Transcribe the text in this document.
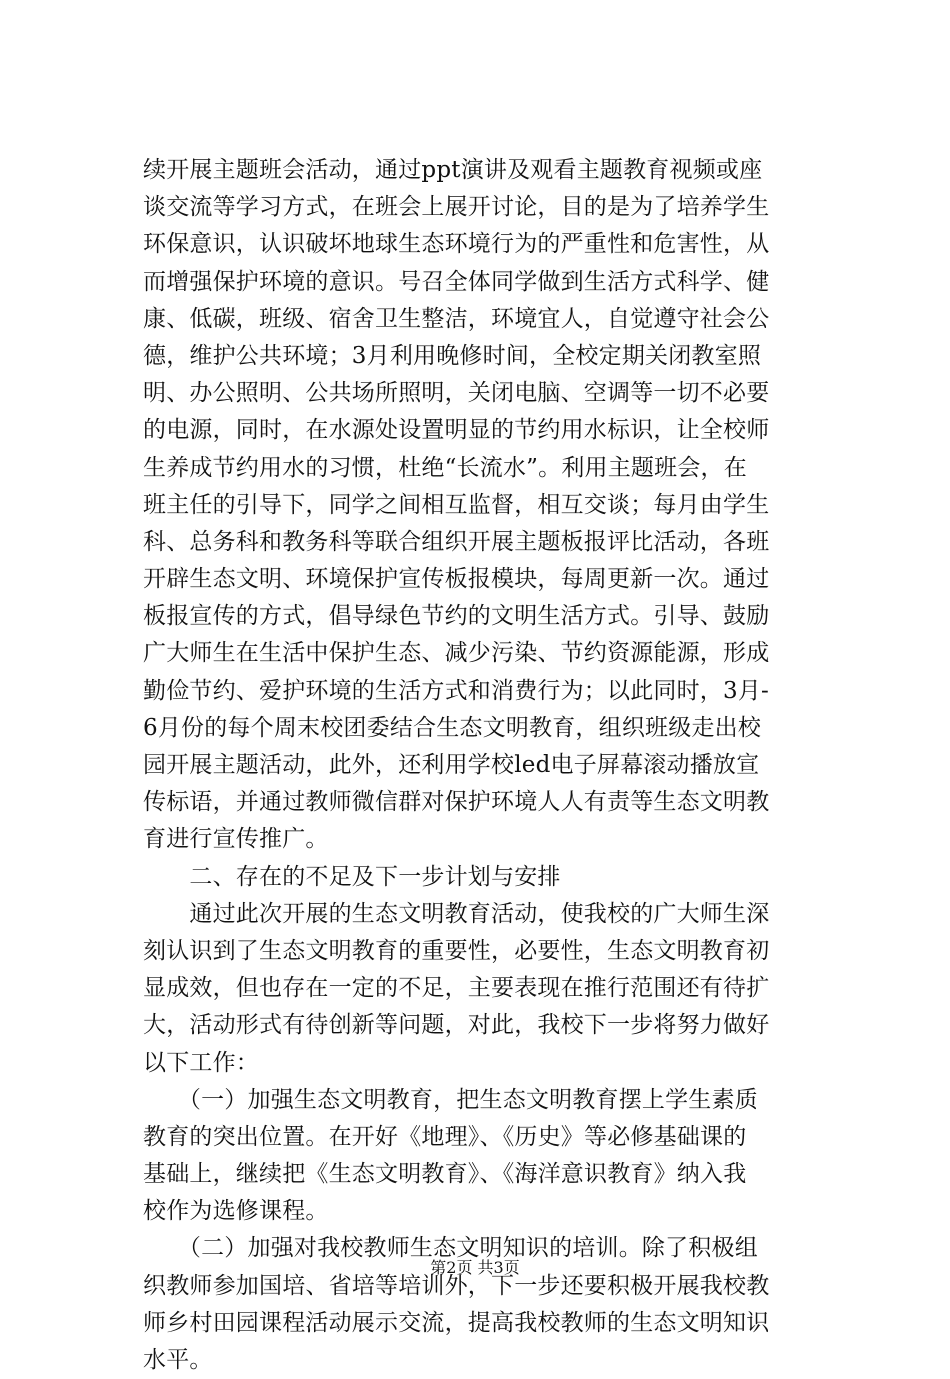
续开展主题班会活动，通过ppt演讲及观看主题教育视频或座
谈交流等学习方式，在班会上展开讨论，目的是为了培养学生
环保意识，认识破坏地球生态环境行为的严重性和危害性，从
而增强保护环境的意识。号召全体同学做到生活方式科学、健
康、低碳，班级、宿舍卫生整洁，环境宜人，自觉遵守社会公
德，维护公共环境；3月利用晚修时间，全校定期关闭教室照
明、办公照明、公共场所照明，关闭电脑、空调等一切不必要
的电源，同时，在水源处设置明显的节约用水标识，让全校师
生养成节约用水的习惯，杜绝“长流水”。利用主题班会，在
班主任的引导下，同学之间相互监督，相互交谈；每月由学生
科、总务科和教务科等联合组织开展主题板报评比活动，各班
开辟生态文明、环境保护宣传板报模块，每周更新一次。通过
板报宣传的方式，倡导绿色节约的文明生活方式。引导、鼓励
广大师生在生活中保护生态、减少污染、节约资源能源，形成
勤俭节约、爱护环境的生活方式和消费行为；以此同时，3月-
6月份的每个周末校团委结合生态文明教育，组织班级走出校
园开展主题活动，此外，还利用学校led电子屏幕滚动播放宣
传标语，并通过教师微信群对保护环境人人有责等生态文明教
育进行宣传推广。
　　二、存在的不足及下一步计划与安排
　　通过此次开展的生态文明教育活动，使我校的广大师生深
刻认识到了生态文明教育的重要性，必要性，生态文明教育初
显成效，但也存在一定的不足，主要表现在推行范围还有待扩
大，活动形式有待创新等问题，对此，我校下一步将努力做好
以下工作：
　　（一）加强生态文明教育，把生态文明教育摆上学生素质
教育的突出位置。在开好《地理》、《历史》等必修基础课的
基础上，继续把《生态文明教育》、《海洋意识教育》纳入我
校作为选修课程。
　　（二）加强对我校教师生态文明知识的培训。除了积极组
织教师参加国培、省培等培训外，下一步还要积极开展我校教
师乡村田园课程活动展示交流，提高我校教师的生态文明知识
水平。
第2页 共3页
